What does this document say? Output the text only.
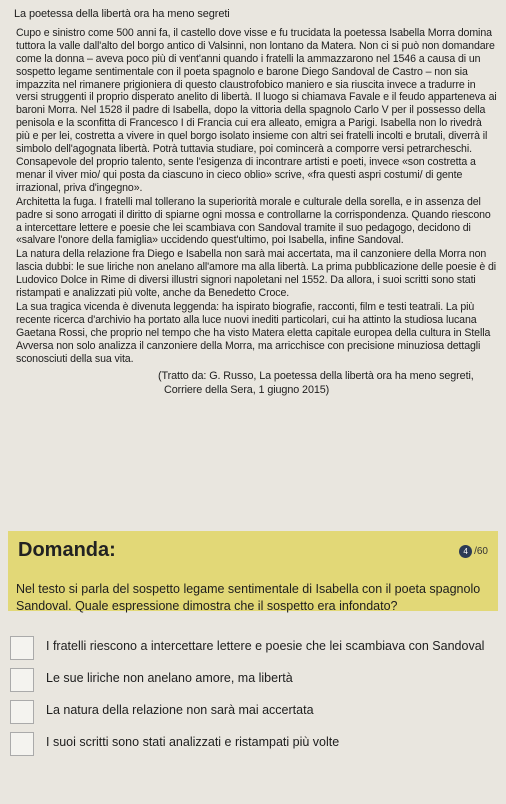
La poetessa della libertà ora ha meno segreti

Cupo e sinistro come 500 anni fa, il castello dove visse e fu trucidata la poetessa Isabella Morra domina tuttora la valle dall'alto del borgo antico di Valsinni, non lontano da Matera. Non ci si può non domandare come la donna – aveva poco più di vent'anni quando i fratelli la ammazzarono nel 1546 a causa di un sospetto legame sentimentale con il poeta spagnolo e barone Diego Sandoval de Castro – non sia impazzita nel rimanere prigioniera di questo claustrofobico maniero e sia riuscita invece a tradurre in versi struggenti il proprio disperato anelito di libertà. Il luogo si chiamava Favale e il feudo apparteneva ai baroni Morra. Nel 1528 il padre di Isabella, dopo la vittoria della spagnolo Carlo V per il possesso della penisola e la sconfitta di Francesco I di Francia cui era alleato, emigra a Parigi. Isabella non lo rivedrà più e per lei, costretta a vivere in quel borgo isolato insieme con altri sei fratelli incolti e brutali, diverrà il simbolo dell'agognata libertà. Potrà tuttavia studiare, poi comincerà a comporre versi petrarcheschi. Consapevole del proprio talento, sente l'esigenza di incontrare artisti e poeti, invece «son costretta a menar il viver mio/ qui posta da ciascuno in cieco oblio» scrive, «fra questi aspri costumi/ di gente irrazional, priva d'ingegno».

Architetta la fuga. I fratelli mal tollerano la superiorità morale e culturale della sorella, e in assenza del padre si sono arrogati il diritto di spiarne ogni mossa e controllarne la corrispondenza. Quando riescono a intercettare lettere e poesie che lei scambiava con Sandoval tramite il suo pedagogo, decidono di «salvare l'onore della famiglia» uccidendo quest'ultimo, poi Isabella, infine Sandoval.

La natura della relazione fra Diego e Isabella non sarà mai accertata, ma il canzoniere della Morra non lascia dubbi: le sue liriche non anelano all'amore ma alla libertà. La prima pubblicazione delle poesie è di Ludovico Dolce in Rime di diversi illustri signori napoletani nel 1552. Da allora, i suoi scritti sono stati ristampati e analizzati più volte, anche da Benedetto Croce.

La sua tragica vicenda è divenuta leggenda: ha ispirato biografie, racconti, film e testi teatrali. La più recente ricerca d'archivio ha portato alla luce nuovi inediti particolari, cui ha attinto la studiosa lucana Gaetana Rossi, che proprio nel tempo che ha visto Matera eletta capitale europea della cultura in Stella Avversa non solo analizza il canzoniere della Morra, ma arricchisce con precisione minuziosa dettagli sconosciuti della sua vita.

(Tratto da: G. Russo, La poetessa della libertà ora ha meno segreti,
Corriere della Sera, 1 giugno 2015)
Domanda:	4 /60
Nel testo si parla del sospetto legame sentimentale di Isabella con il poeta spagnolo Sandoval. Quale espressione dimostra che il sospetto era infondato?
I fratelli riescono a intercettare lettere e poesie che lei scambiava con Sandoval
Le sue liriche non anelano amore, ma libertà
La natura della relazione non sarà mai accertata
I suoi scritti sono stati analizzati e ristampati più volte
